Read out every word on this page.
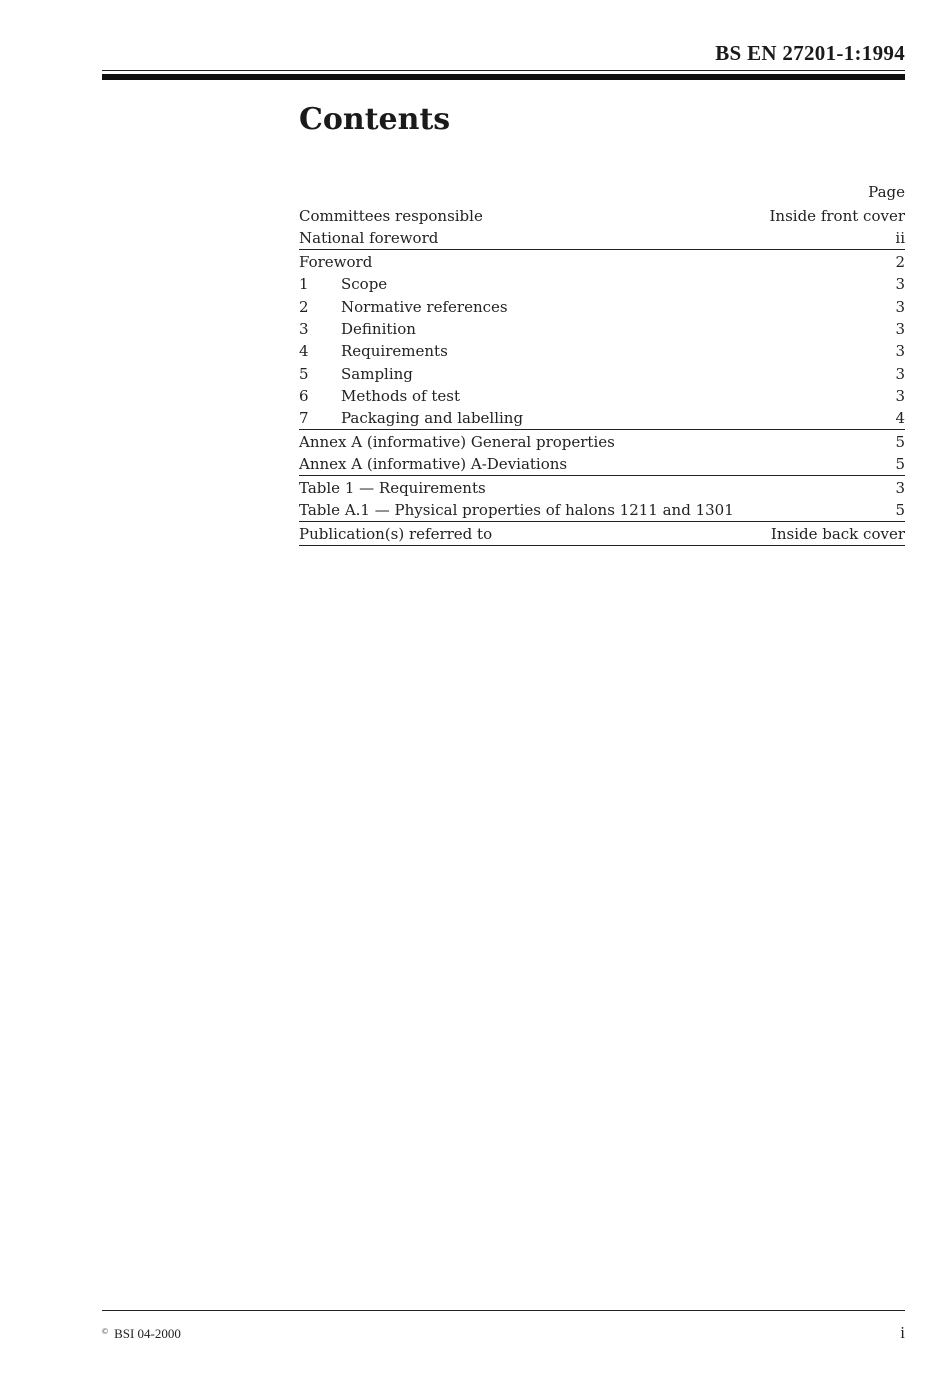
BS EN 27201-1:1994
Contents
Page
Committees responsible	Inside front cover
National foreword	ii
Foreword	2
1	Scope	3
2	Normative references	3
3	Definition	3
4	Requirements	3
5	Sampling	3
6	Methods of test	3
7	Packaging and labelling	4
Annex A (informative) General properties	5
Annex A (informative) A-Deviations	5
Table 1 — Requirements	3
Table A.1 — Physical properties of halons 1211 and 1301	5
Publication(s) referred to	Inside back cover
© BSI 04-2000	i
